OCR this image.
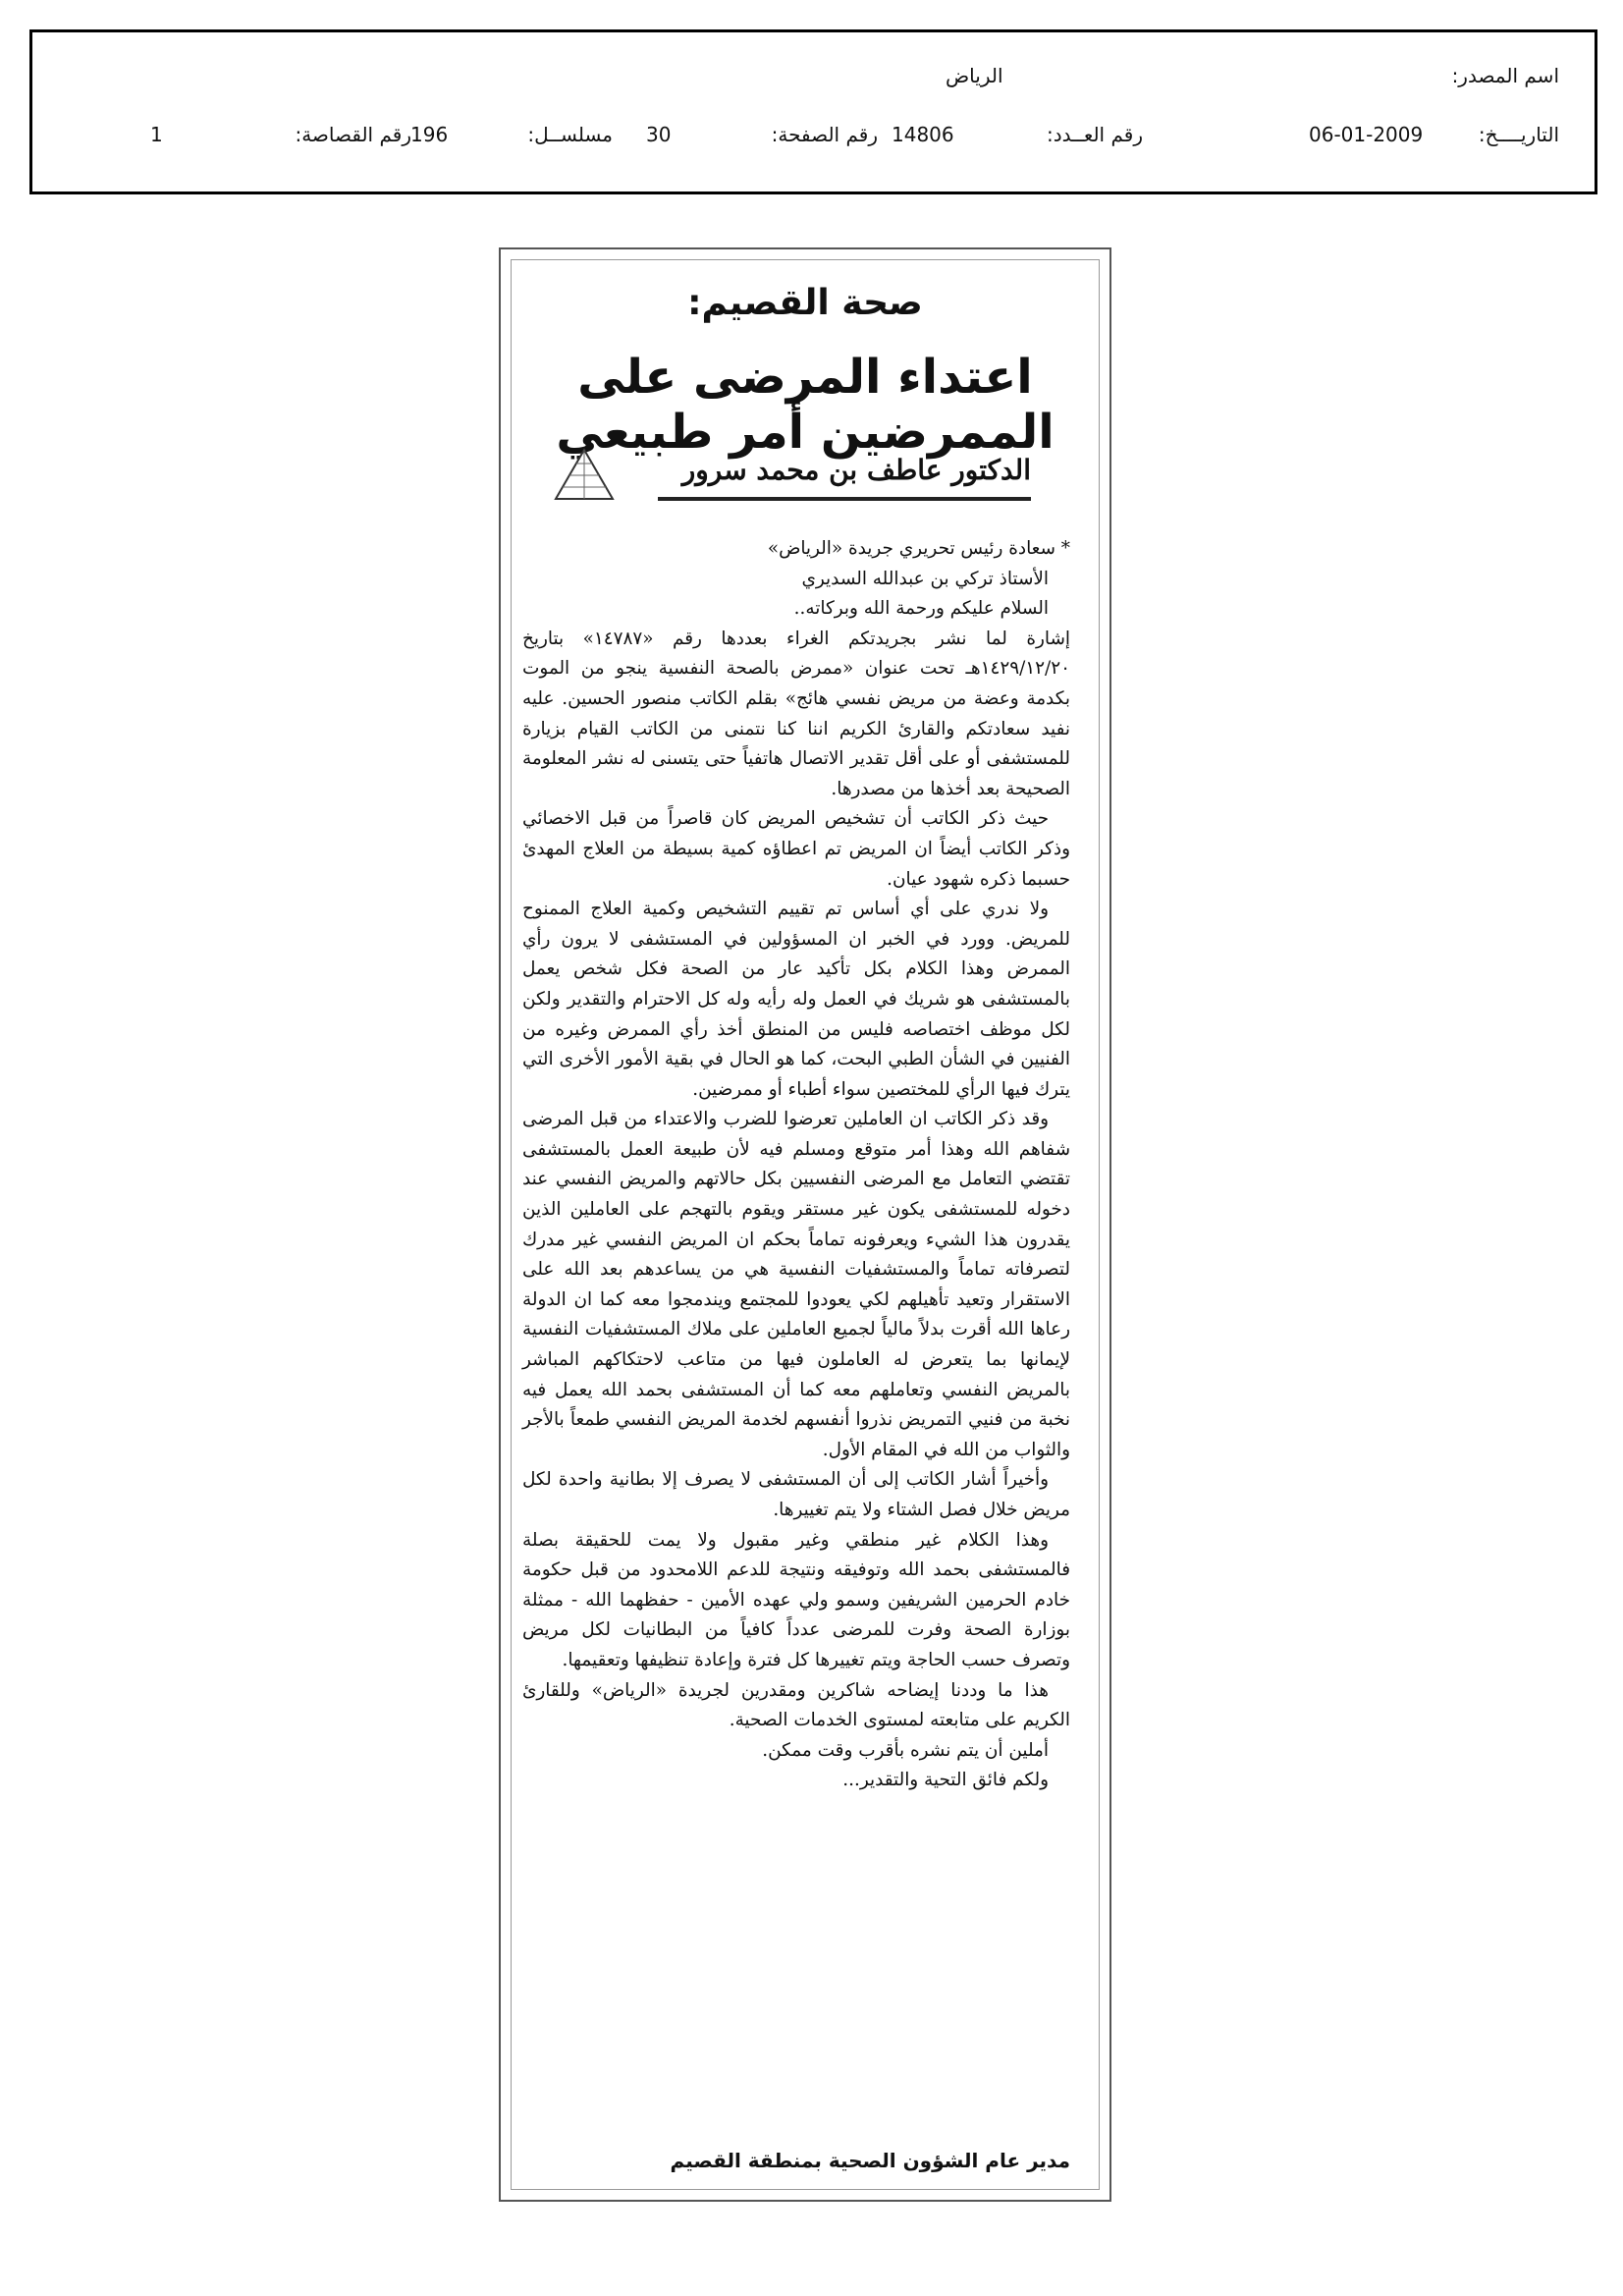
اسم المصدر:
الرياض
التاريــــخ:
06-01-2009
رقم العــدد:
14806
رقم الصفحة:
30
مسلســل:
196
رقم القصاصة:
1
صحة القصيم:
اعتداء المرضى على الممرضين أمر طبيعي
الدكتور عاطف بن محمد سرور

* سعادة رئيس تحريري جريدة «الرياض»

الأستاذ تركي بن عبدالله السديري

السلام عليكم ورحمة الله وبركاته..

إشارة لما نشر بجريدتكم الغراء بعددها رقم «١٤٧٨٧» بتاريخ ١٤٢٩/١٢/٢٠هـ تحت عنوان «ممرض بالصحة النفسية ينجو من الموت بكدمة وعضة من مريض نفسي هائج» بقلم الكاتب منصور الحسين. عليه نفيد سعادتكم والقارئ الكريم اننا كنا نتمنى من الكاتب القيام بزيارة للمستشفى أو على أقل تقدير الاتصال هاتفياً حتى يتسنى له نشر المعلومة الصحيحة بعد أخذها من مصدرها.

حيث ذكر الكاتب أن تشخيص المريض كان قاصراً من قبل الاخصائي وذكر الكاتب أيضاً ان المريض تم اعطاؤه كمية بسيطة من العلاج المهدئ حسبما ذكره شهود عيان.

ولا ندري على أي أساس تم تقييم التشخيص وكمية العلاج الممنوح للمريض. وورد في الخبر ان المسؤولين في المستشفى لا يرون رأي الممرض وهذا الكلام بكل تأكيد عار من الصحة فكل شخص يعمل بالمستشفى هو شريك في العمل وله رأيه وله كل الاحترام والتقدير ولكن لكل موظف اختصاصه فليس من المنطق أخذ رأي الممرض وغيره من الفنيين في الشأن الطبي البحت، كما هو الحال في بقية الأمور الأخرى التي يترك فيها الرأي للمختصين سواء أطباء أو ممرضين.

وقد ذكر الكاتب ان العاملين تعرضوا للضرب والاعتداء من قبل المرضى شفاهم الله وهذا أمر متوقع ومسلم فيه لأن طبيعة العمل بالمستشفى تقتضي التعامل مع المرضى النفسيين بكل حالاتهم والمريض النفسي عند دخوله للمستشفى يكون غير مستقر ويقوم بالتهجم على العاملين الذين يقدرون هذا الشيء ويعرفونه تماماً بحكم ان المريض النفسي غير مدرك لتصرفاته تماماً والمستشفيات النفسية هي من يساعدهم بعد الله على الاستقرار وتعيد تأهيلهم لكي يعودوا للمجتمع ويندمجوا معه كما ان الدولة رعاها الله أقرت بدلاً مالياً لجميع العاملين على ملاك المستشفيات النفسية لإيمانها بما يتعرض له العاملون فيها من متاعب لاحتكاكهم المباشر بالمريض النفسي وتعاملهم معه كما أن المستشفى بحمد الله يعمل فيه نخبة من فنيي التمريض نذروا أنفسهم لخدمة المريض النفسي طمعاً بالأجر والثواب من الله في المقام الأول.

وأخيراً أشار الكاتب إلى أن المستشفى لا يصرف إلا بطانية واحدة لكل مريض خلال فصل الشتاء ولا يتم تغييرها.

وهذا الكلام غير منطقي وغير مقبول ولا يمت للحقيقة بصلة فالمستشفى بحمد الله وتوفيقه ونتيجة للدعم اللامحدود من قبل حكومة خادم الحرمين الشريفين وسمو ولي عهده الأمين - حفظهما الله - ممثلة بوزارة الصحة وفرت للمرضى عدداً كافياً من البطانيات لكل مريض وتصرف حسب الحاجة ويتم تغييرها كل فترة وإعادة تنظيفها وتعقيمها.

هذا ما وددنا إيضاحه شاكرين ومقدرين لجريدة «الرياض» وللقارئ الكريم على متابعته لمستوى الخدمات الصحية.

أملين أن يتم نشره بأقرب وقت ممكن.

ولكم فائق التحية والتقدير...

مدير عام الشؤون الصحية بمنطقة القصيم
